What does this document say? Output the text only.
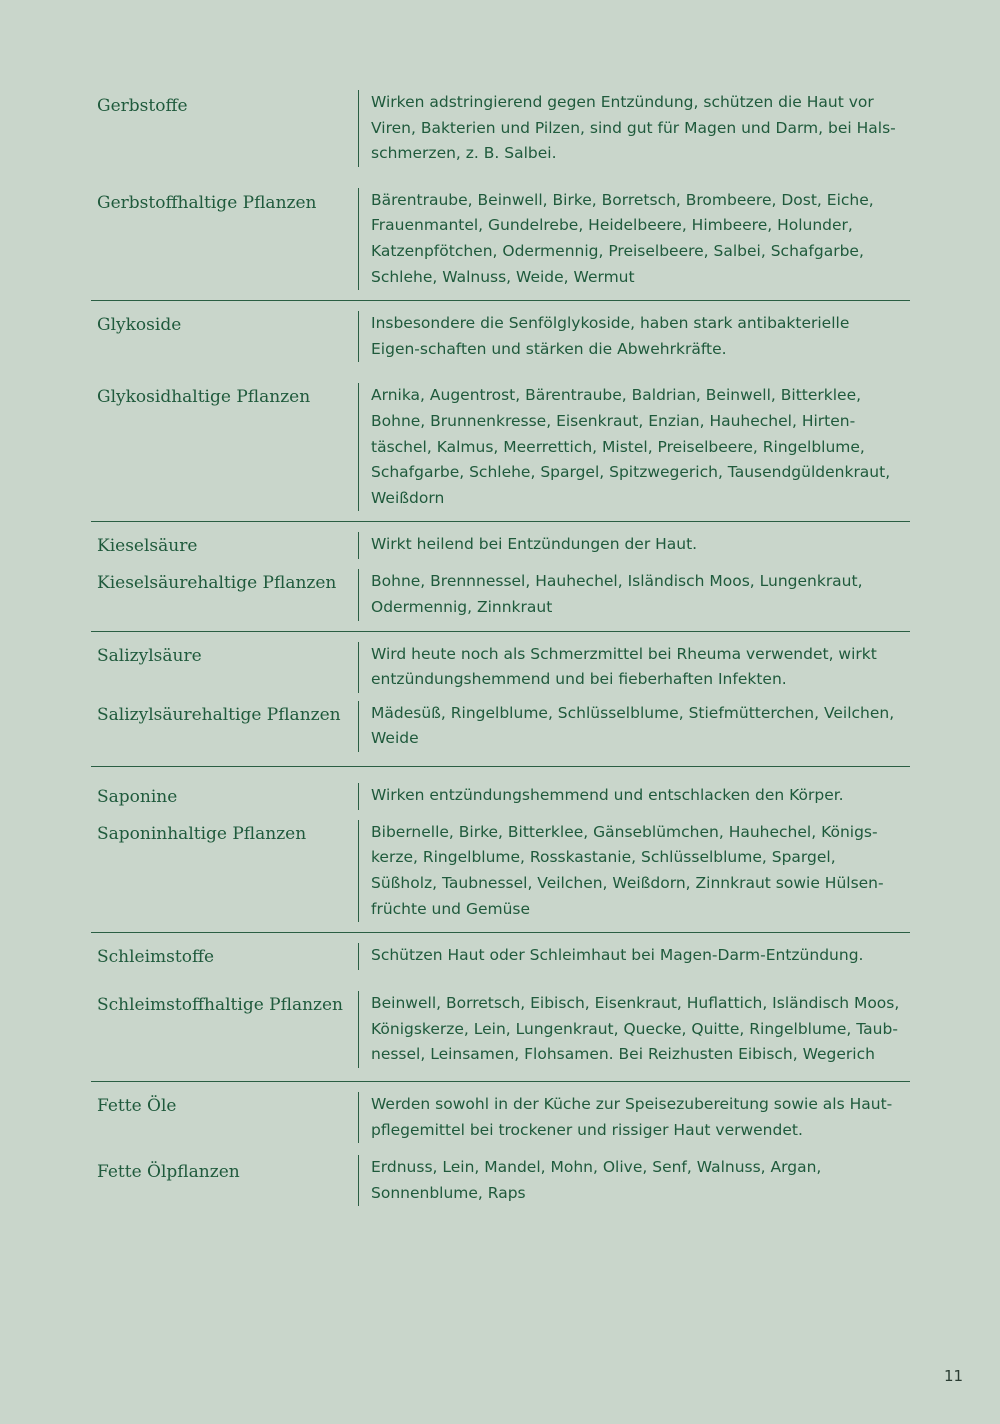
Gerbstoffe	Wirken adstringierend gegen Entzündung, schützen die Haut vor Viren, Bakterien und Pilzen, sind gut für Magen und Darm, bei Hals-schmerzen, z. B. Salbei.
Gerbstoffhaltige Pflanzen	Bärentraube, Beinwell, Birke, Borretsch, Brombeere, Dost, Eiche, Frauenmantel, Gundelrebe, Heidelbeere, Himbeere, Holunder, Katzenpfötchen, Odermennig, Preiselbeere, Salbei, Schafgarbe, Schlehe, Walnuss, Weide, Wermut
Glykoside	Insbesondere die Senfölglykoside, haben stark antibakterielle Eigen-schaften und stärken die Abwehrkräfte.
Glykosidhaltige Pflanzen	Arnika, Augentrost, Bärentraube, Baldrian, Beinwell, Bitterklee, Bohne, Brunnenkresse, Eisenkraut, Enzian, Hauhechel, Hirten-täschel, Kalmus, Meerrettich, Mistel, Preiselbeere, Ringelblume, Schafgarbe, Schlehe, Spargel, Spitzwegerich, Tausendgüldenkraut, Weißdorn
Kieselsäure	Wirkt heilend bei Entzündungen der Haut.
Kieselsäurehaltige Pflanzen	Bohne, Brennnessel, Hauhechel, Isländisch Moos, Lungenkraut, Odermennig, Zinnkraut
Salizylsäure	Wird heute noch als Schmerzmittel bei Rheuma verwendet, wirkt entzündungshemmend und bei fieberhaften Infekten.
Salizylsäurehaltige Pflanzen	Mädesüß, Ringelblume, Schlüsselblume, Stiefmütterchen, Veilchen, Weide
Saponine	Wirken entzündungshemmend und entschlacken den Körper.
Saponinhaltige Pflanzen	Bibernelle, Birke, Bitterklee, Gänseblümchen, Hauhechel, Königs-kerze, Ringelblume, Rosskastanie, Schlüsselblume, Spargel, Süßholz, Taubnessel, Veilchen, Weißdorn, Zinnkraut sowie Hülsen-früchte und Gemüse
Schleimstoffe	Schützen Haut oder Schleimhaut bei Magen-Darm-Entzündung.
Schleimstoffhaltige Pflanzen	Beinwell, Borretsch, Eibisch, Eisenkraut, Huflattich, Isländisch Moos, Königskerze, Lein, Lungenkraut, Quecke, Quitte, Ringelblume, Taub-nessel, Leinsamen, Flohsamen. Bei Reizhusten Eibisch, Wegerich
Fette Öle	Werden sowohl in der Küche zur Speisezubereitung sowie als Haut-pflegemittel bei trockener und rissiger Haut verwendet.
Fette Ölpflanzen	Erdnuss, Lein, Mandel, Mohn, Olive, Senf, Walnuss, Argan, Sonnenblume, Raps
11
